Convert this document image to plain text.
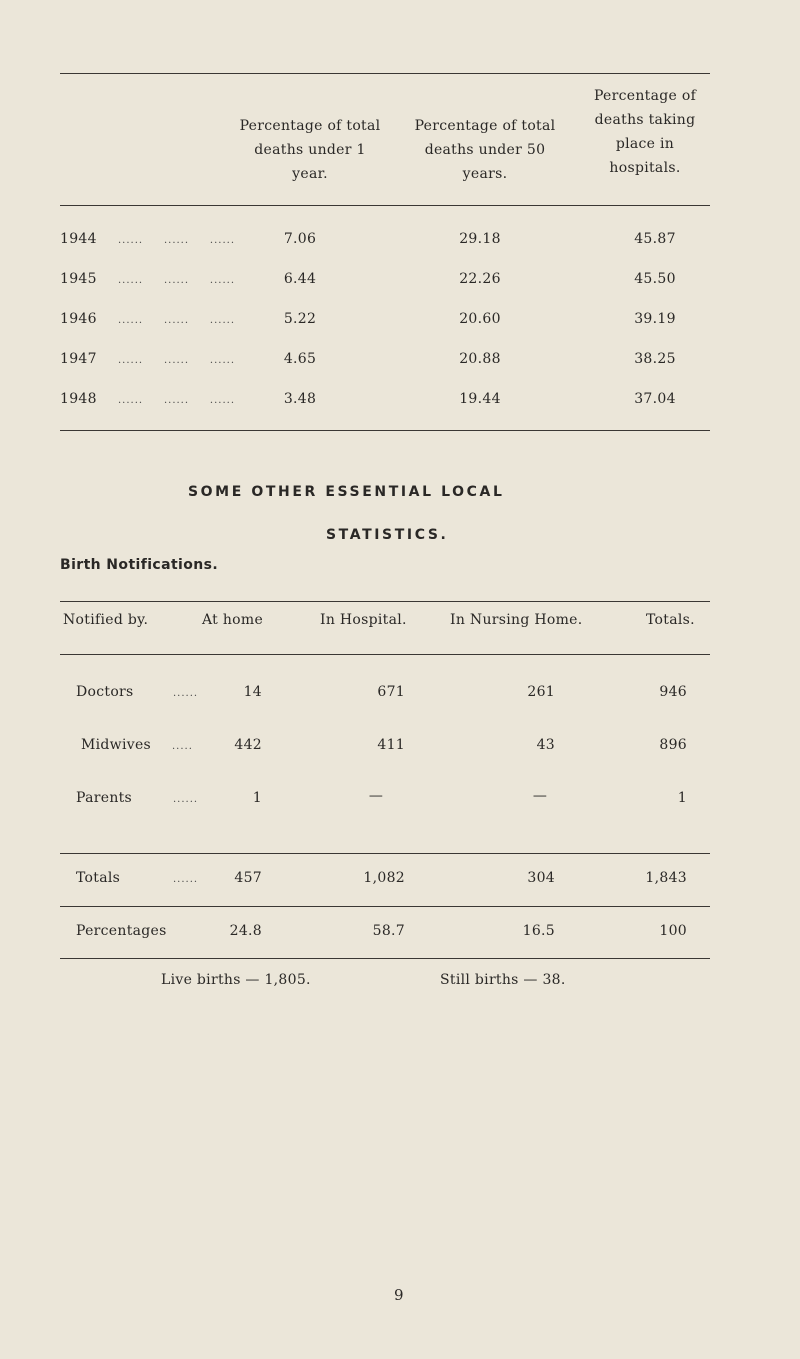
Percentage of total deaths under 1 year.
Percentage of total deaths under 50 years.
Percentage of deaths taking place in hospitals.
1944 ......     ......     ......	7.06	29.18	45.87
1945 ......     ......     ......	6.44	22.26	45.50
1946 ......     ......     ......	5.22	20.60	39.19
1947 ......     ......     ......	4.65	20.88	38.25
1948 ......     ......     ......	3.48	19.44	37.04
SOME OTHER ESSENTIAL LOCAL
STATISTICS.
Birth Notifications.
Notified by.	At home	In Hospital.	In Nursing Home.	Totals.
Doctors	......	14	671	261	946
Midwives .....	442	411	43	896
Parents	......	1	—	—	1
Totals	......	457	1,082	304	1,843
Percentages	24.8	58.7	16.5	100
Live births — 1,805.	Still births — 38.
9
